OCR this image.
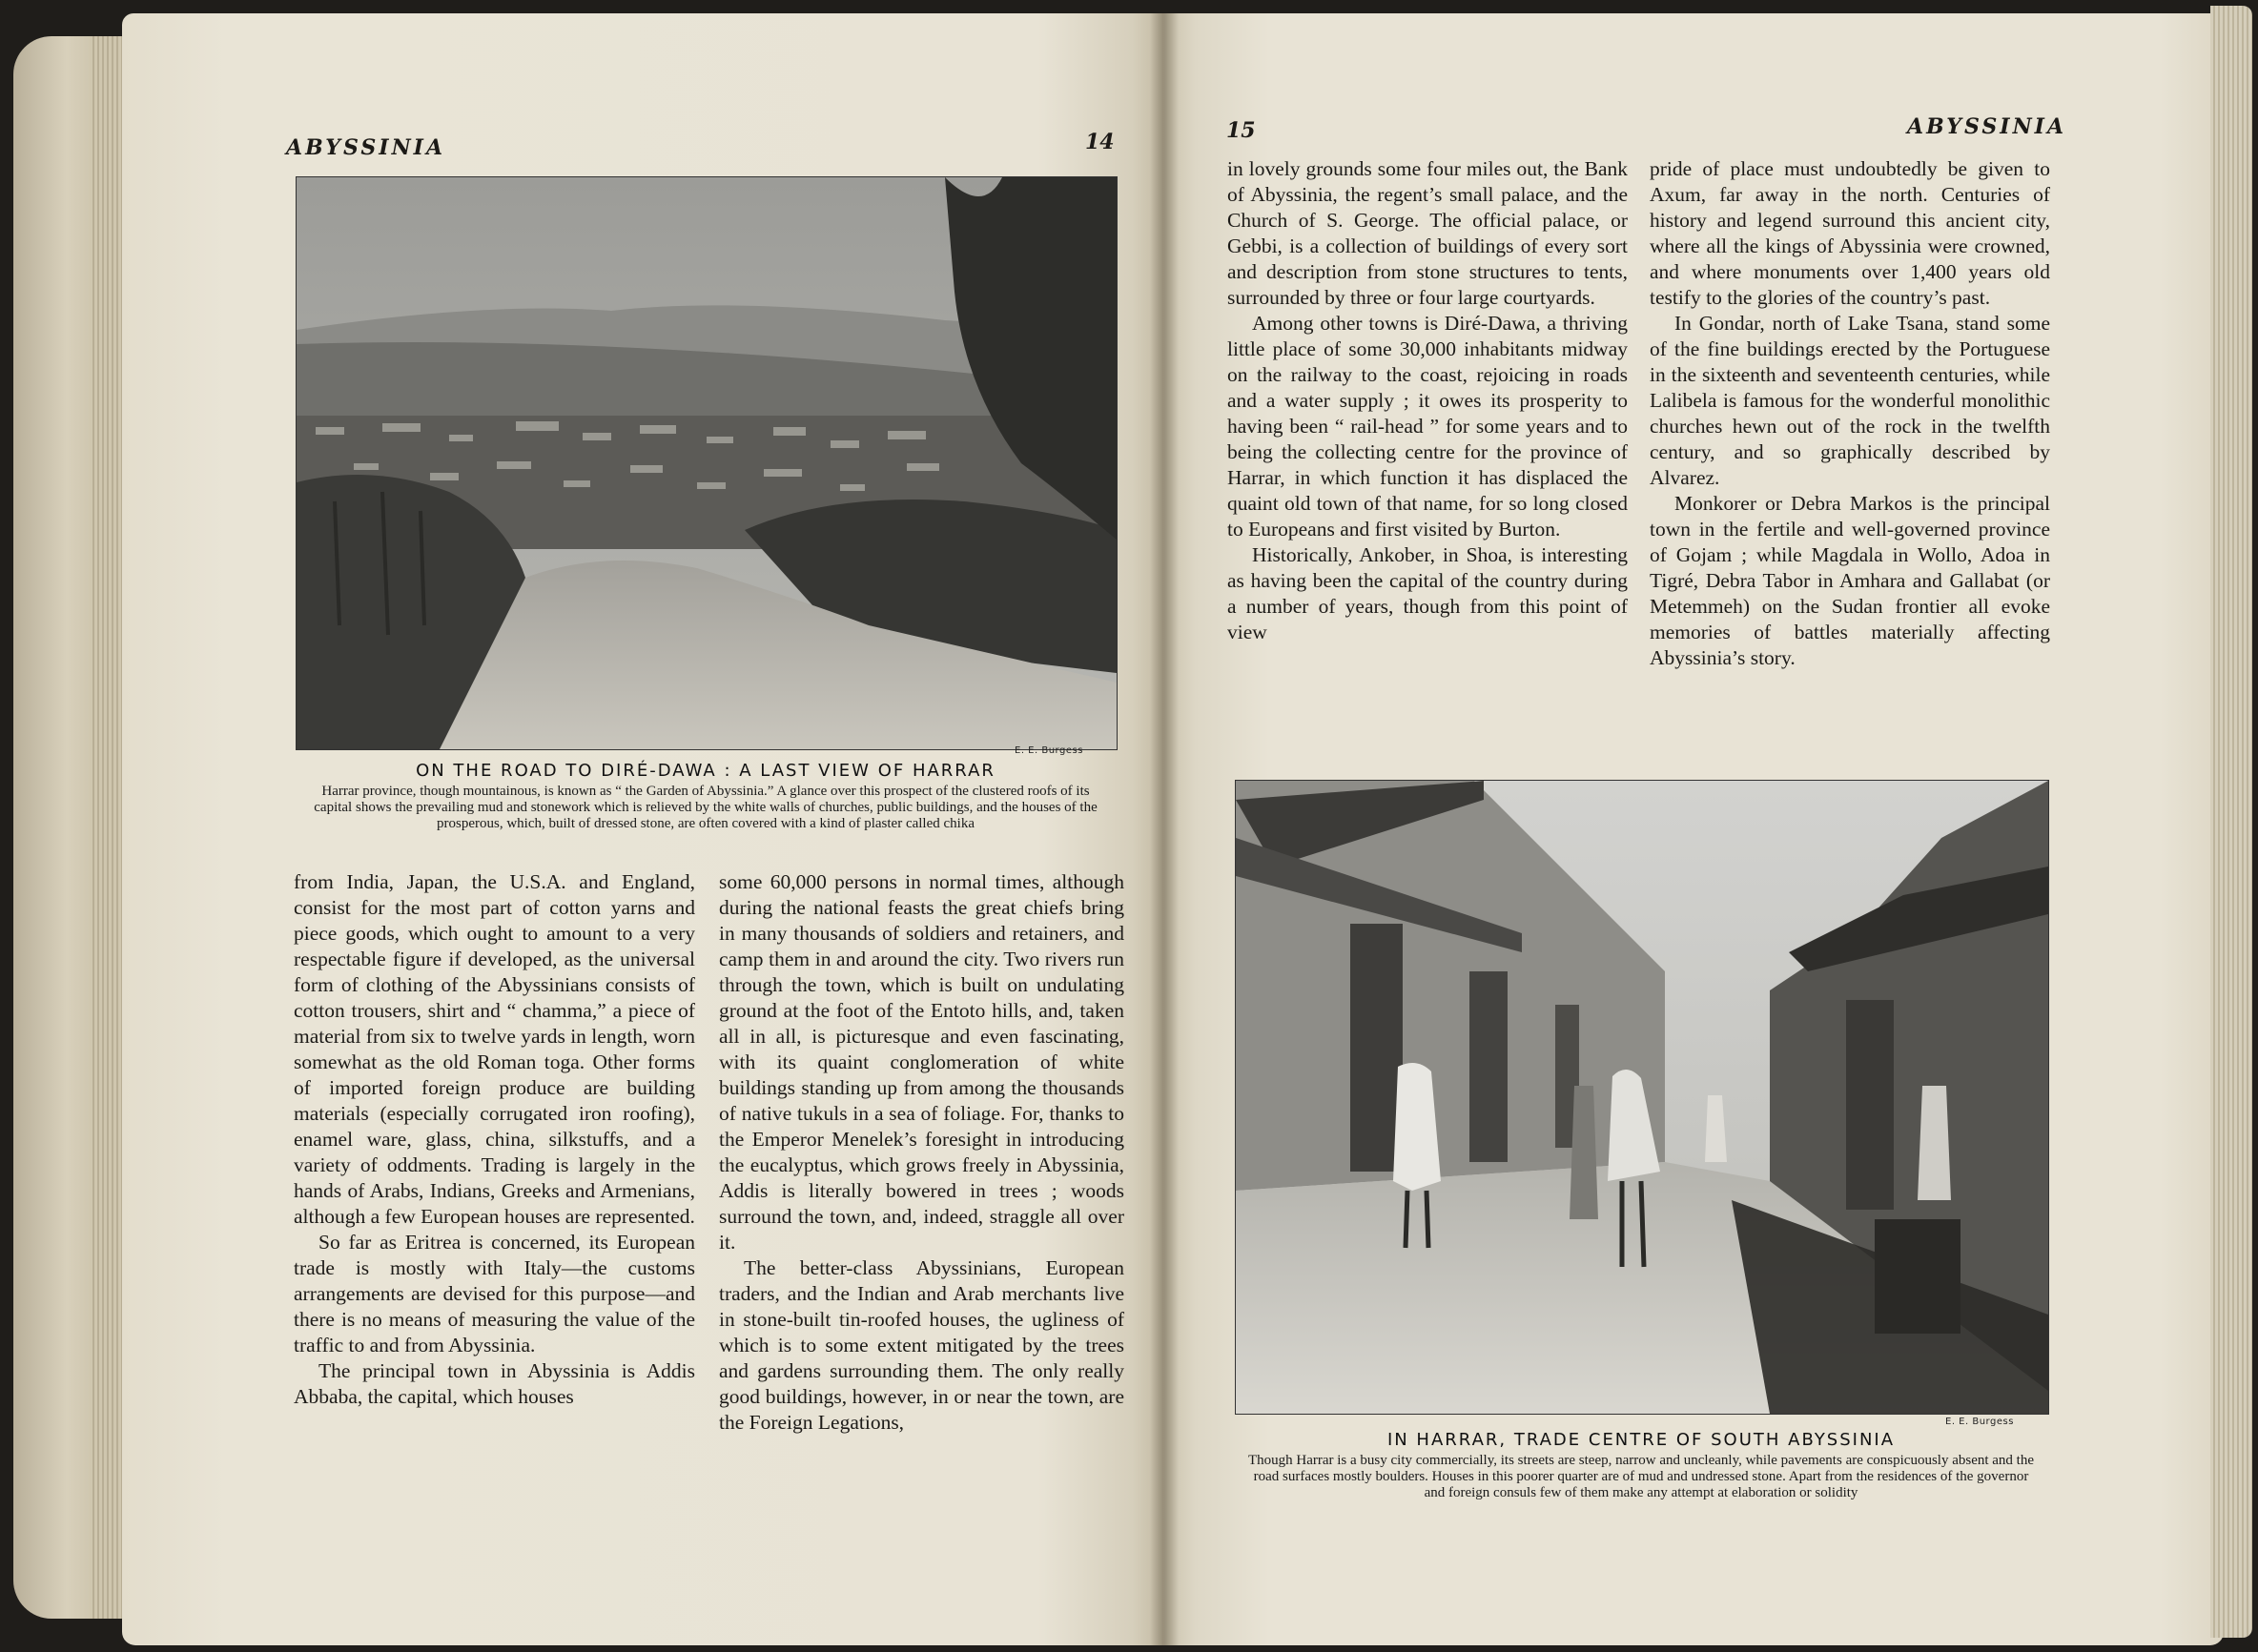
ABYSSINIA	14
E. E. Burgess
ON THE ROAD TO DIRÉ-DAWA : A LAST VIEW OF HARRAR
Harrar province, though mountainous, is known as “ the Garden of Abyssinia.” A glance over this prospect of the clustered roofs of its capital shows the prevailing mud and stonework which is relieved by the white walls of churches, public buildings, and the houses of the prosperous, which, built of dressed stone, are often covered with a kind of plaster called chika

from India, Japan, the U.S.A. and England, consist for the most part of cotton yarns and piece goods, which ought to amount to a very respectable figure if developed, as the universal form of clothing of the Abyssinians consists of cotton trousers, shirt and “ chamma,” a piece of material from six to twelve yards in length, worn somewhat as the old Roman toga. Other forms of imported foreign produce are building materials (especially corrugated iron roofing), enamel ware, glass, china, silkstuffs, and a variety of oddments. Trading is largely in the hands of Arabs, Indians, Greeks and Armenians, although a few European houses are represented.

So far as Eritrea is concerned, its European trade is mostly with Italy—the customs arrangements are devised for this purpose—and there is no means of measuring the value of the traffic to and from Abyssinia.

The principal town in Abyssinia is Addis Abbaba, the capital, which houses

some 60,000 persons in normal times, although during the national feasts the great chiefs bring in many thousands of soldiers and retainers, and camp them in and around the city. Two rivers run through the town, which is built on undulating ground at the foot of the Entoto hills, and, taken all in all, is picturesque and even fascinating, with its quaint conglomeration of white buildings standing up from among the thousands of native tukuls in a sea of foliage. For, thanks to the Emperor Menelek’s foresight in introducing the eucalyptus, which grows freely in Abyssinia, Addis is literally bowered in trees ; woods surround the town, and, indeed, straggle all over it.

The better-class Abyssinians, European traders, and the Indian and Arab merchants live in stone-built tin-roofed houses, the ugliness of which is to some extent mitigated by the trees and gardens surrounding them. The only really good buildings, however, in or near the town, are the Foreign Legations,

15	ABYSSINIA

in lovely grounds some four miles out, the Bank of Abyssinia, the regent’s small palace, and the Church of S. George. The official palace, or Gebbi, is a collection of buildings of every sort and description from stone structures to tents, surrounded by three or four large courtyards.

Among other towns is Diré-Dawa, a thriving little place of some 30,000 inhabitants midway on the railway to the coast, rejoicing in roads and a water supply ; it owes its prosperity to having been “ rail-head ” for some years and to being the collecting centre for the province of Harrar, in which function it has displaced the quaint old town of that name, for so long closed to Europeans and first visited by Burton.

Historically, Ankober, in Shoa, is interesting as having been the capital of the country during a number of years, though from this point of view

pride of place must undoubtedly be given to Axum, far away in the north. Centuries of history and legend surround this ancient city, where all the kings of Abyssinia were crowned, and where monuments over 1,400 years old testify to the glories of the country’s past.

In Gondar, north of Lake Tsana, stand some of the fine buildings erected by the Portuguese in the sixteenth and seventeenth centuries, while Lalibela is famous for the wonderful monolithic churches hewn out of the rock in the twelfth century, and so graphically described by Alvarez.

Monkorer or Debra Markos is the principal town in the fertile and well-governed province of Gojam ; while Magdala in Wollo, Adoa in Tigré, Debra Tabor in Amhara and Gallabat (or Metemmeh) on the Sudan frontier all evoke memories of battles materially affecting Abyssinia’s story.

E. E. Burgess
IN HARRAR, TRADE CENTRE OF SOUTH ABYSSINIA
Though Harrar is a busy city commercially, its streets are steep, narrow and uncleanly, while pavements are conspicuously absent and the road surfaces mostly boulders. Houses in this poorer quarter are of mud and undressed stone. Apart from the residences of the governor and foreign consuls few of them make any attempt at elaboration or solidity
